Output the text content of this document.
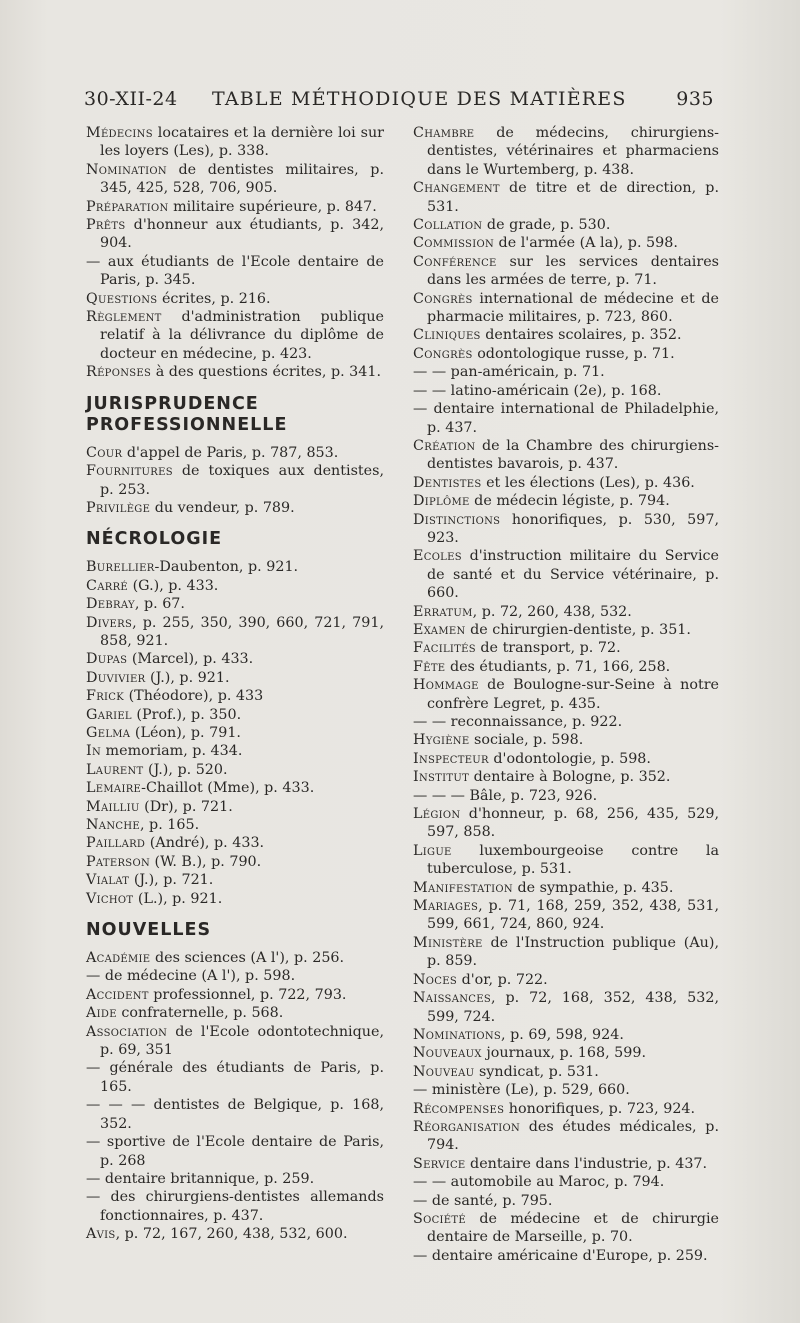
30-XII-24 TABLE MÉTHODIQUE DES MATIÈRES	935

Médecins locataires et la dernière loi sur les loyers (Les), p. 338.

Nomination de dentistes militaires, p. 345, 425, 528, 706, 905.

Préparation militaire supérieure, p. 847.

Prêts d'honneur aux étudiants, p. 342, 904.

— aux étudiants de l'Ecole dentaire de Paris, p. 345.

Questions écrites, p. 216.

Règlement d'administration publique relatif à la délivrance du diplôme de docteur en médecine, p. 423.

Réponses à des questions écrites, p. 341.

JURISPRUDENCE PROFESSIONNELLE

Cour d'appel de Paris, p. 787, 853.

Fournitures de toxiques aux dentistes, p. 253.

Privilège du vendeur, p. 789.

NÉCROLOGIE

Burellier-Daubenton, p. 921.

Carré (G.), p. 433.

Debray, p. 67.

Divers, p. 255, 350, 390, 660, 721, 791, 858, 921.

Dupas (Marcel), p. 433.

Duvivier (J.), p. 921.

Frick (Théodore), p. 433

Gariel (Prof.), p. 350.

Gelma (Léon), p. 791.

In memoriam, p. 434.

Laurent (J.), p. 520.

Lemaire-Chaillot (Mme), p. 433.

Mailliu (Dr), p. 721.

Nanche, p. 165.

Paillard (André), p. 433.

Paterson (W. B.), p. 790.

Vialat (J.), p. 721.

Vichot (L.), p. 921.

NOUVELLES

Académie des sciences (A l'), p. 256.

— de médecine (A l'), p. 598.

Accident professionnel, p. 722, 793.

Aide confraternelle, p. 568.

Association de l'Ecole odontotechnique, p. 69, 351

— générale des étudiants de Paris, p. 165.

— — — dentistes de Belgique, p. 168, 352.

— sportive de l'Ecole dentaire de Paris, p. 268

— dentaire britannique, p. 259.

— des chirurgiens-dentistes allemands fonctionnaires, p. 437.

Avis, p. 72, 167, 260, 438, 532, 600.

Chambre de médecins, chirurgiens-dentistes, vétérinaires et pharmaciens dans le Wurtemberg, p. 438.

Changement de titre et de direction, p. 531.

Collation de grade, p. 530.

Commission de l'armée (A la), p. 598.

Conférence sur les services dentaires dans les armées de terre, p. 71.

Congrès international de médecine et de pharmacie militaires, p. 723, 860.

Cliniques dentaires scolaires, p. 352.

Congrès odontologique russe, p. 71.

— — pan-américain, p. 71.

— — latino-américain (2e), p. 168.

— dentaire international de Philadelphie, p. 437.

Création de la Chambre des chirurgiens-dentistes bavarois, p. 437.

Dentistes et les élections (Les), p. 436.

Diplôme de médecin légiste, p. 794.

Distinctions honorifiques, p. 530, 597, 923.

Ecoles d'instruction militaire du Service de santé et du Service vétérinaire, p. 660.

Erratum, p. 72, 260, 438, 532.

Examen de chirurgien-dentiste, p. 351.

Facilités de transport, p. 72.

Fête des étudiants, p. 71, 166, 258.

Hommage de Boulogne-sur-Seine à notre confrère Legret, p. 435.

— — reconnaissance, p. 922.

Hygiène sociale, p. 598.

Inspecteur d'odontologie, p. 598.

Institut dentaire à Bologne, p. 352.

— — — Bâle, p. 723, 926.

Légion d'honneur, p. 68, 256, 435, 529, 597, 858.

Ligue luxembourgeoise contre la tuberculose, p. 531.

Manifestation de sympathie, p. 435.

Mariages, p. 71, 168, 259, 352, 438, 531, 599, 661, 724, 860, 924.

Ministère de l'Instruction publique (Au), p. 859.

Noces d'or, p. 722.

Naissances, p. 72, 168, 352, 438, 532, 599, 724.

Nominations, p. 69, 598, 924.

Nouveaux journaux, p. 168, 599.

Nouveau syndicat, p. 531.

— ministère (Le), p. 529, 660.

Récompenses honorifiques, p. 723, 924.

Réorganisation des études médicales, p. 794.

Service dentaire dans l'industrie, p. 437.

— — automobile au Maroc, p. 794.

— de santé, p. 795.

Société de médecine et de chirurgie dentaire de Marseille, p. 70.

— dentaire américaine d'Europe, p. 259.
